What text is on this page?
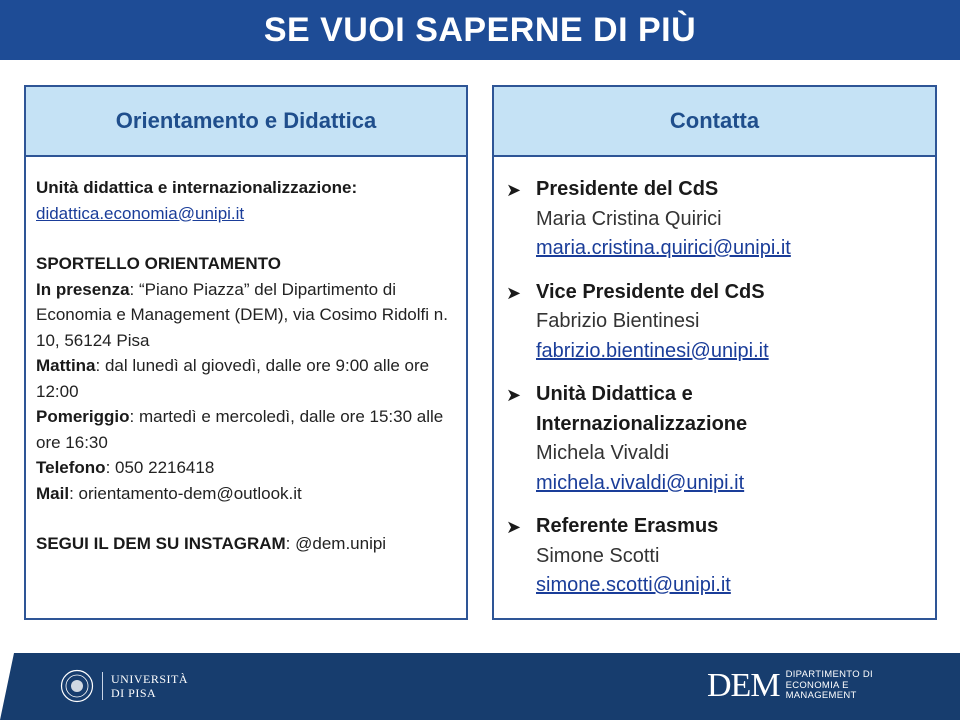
SE VUOI SAPERNE DI PIÙ
Orientamento e Didattica
Unità didattica e internazionalizzazione:
didattica.economia@unipi.it
SPORTELLO ORIENTAMENTO
In presenza: “Piano Piazza” del Dipartimento di Economia e Management (DEM), via Cosimo Ridolfi n. 10, 56124 Pisa
Mattina: dal lunedì al giovedì, dalle ore 9:00 alle ore 12:00
Pomeriggio: martedì e mercoledì, dalle ore 15:30 alle ore 16:30
Telefono: 050 2216418
Mail: orientamento-dem@outlook.it
SEGUI IL DEM SU INSTAGRAM: @dem.unipi
Contatta
➤ Presidente del CdS
Maria Cristina Quirici
maria.cristina.quirici@unipi.it
➤ Vice Presidente del CdS
Fabrizio Bientinesi
fabrizio.bientinesi@unipi.it
➤ Unità Didattica e Internazionalizzazione
Michela Vivaldi
michela.vivaldi@unipi.it
➤ Referente Erasmus
Simone Scotti
simone.scotti@unipi.it
UNIVERSITÀ
DI PISA	DEM DIPARTIMENTO DI
ECONOMIA E
MANAGEMENT
